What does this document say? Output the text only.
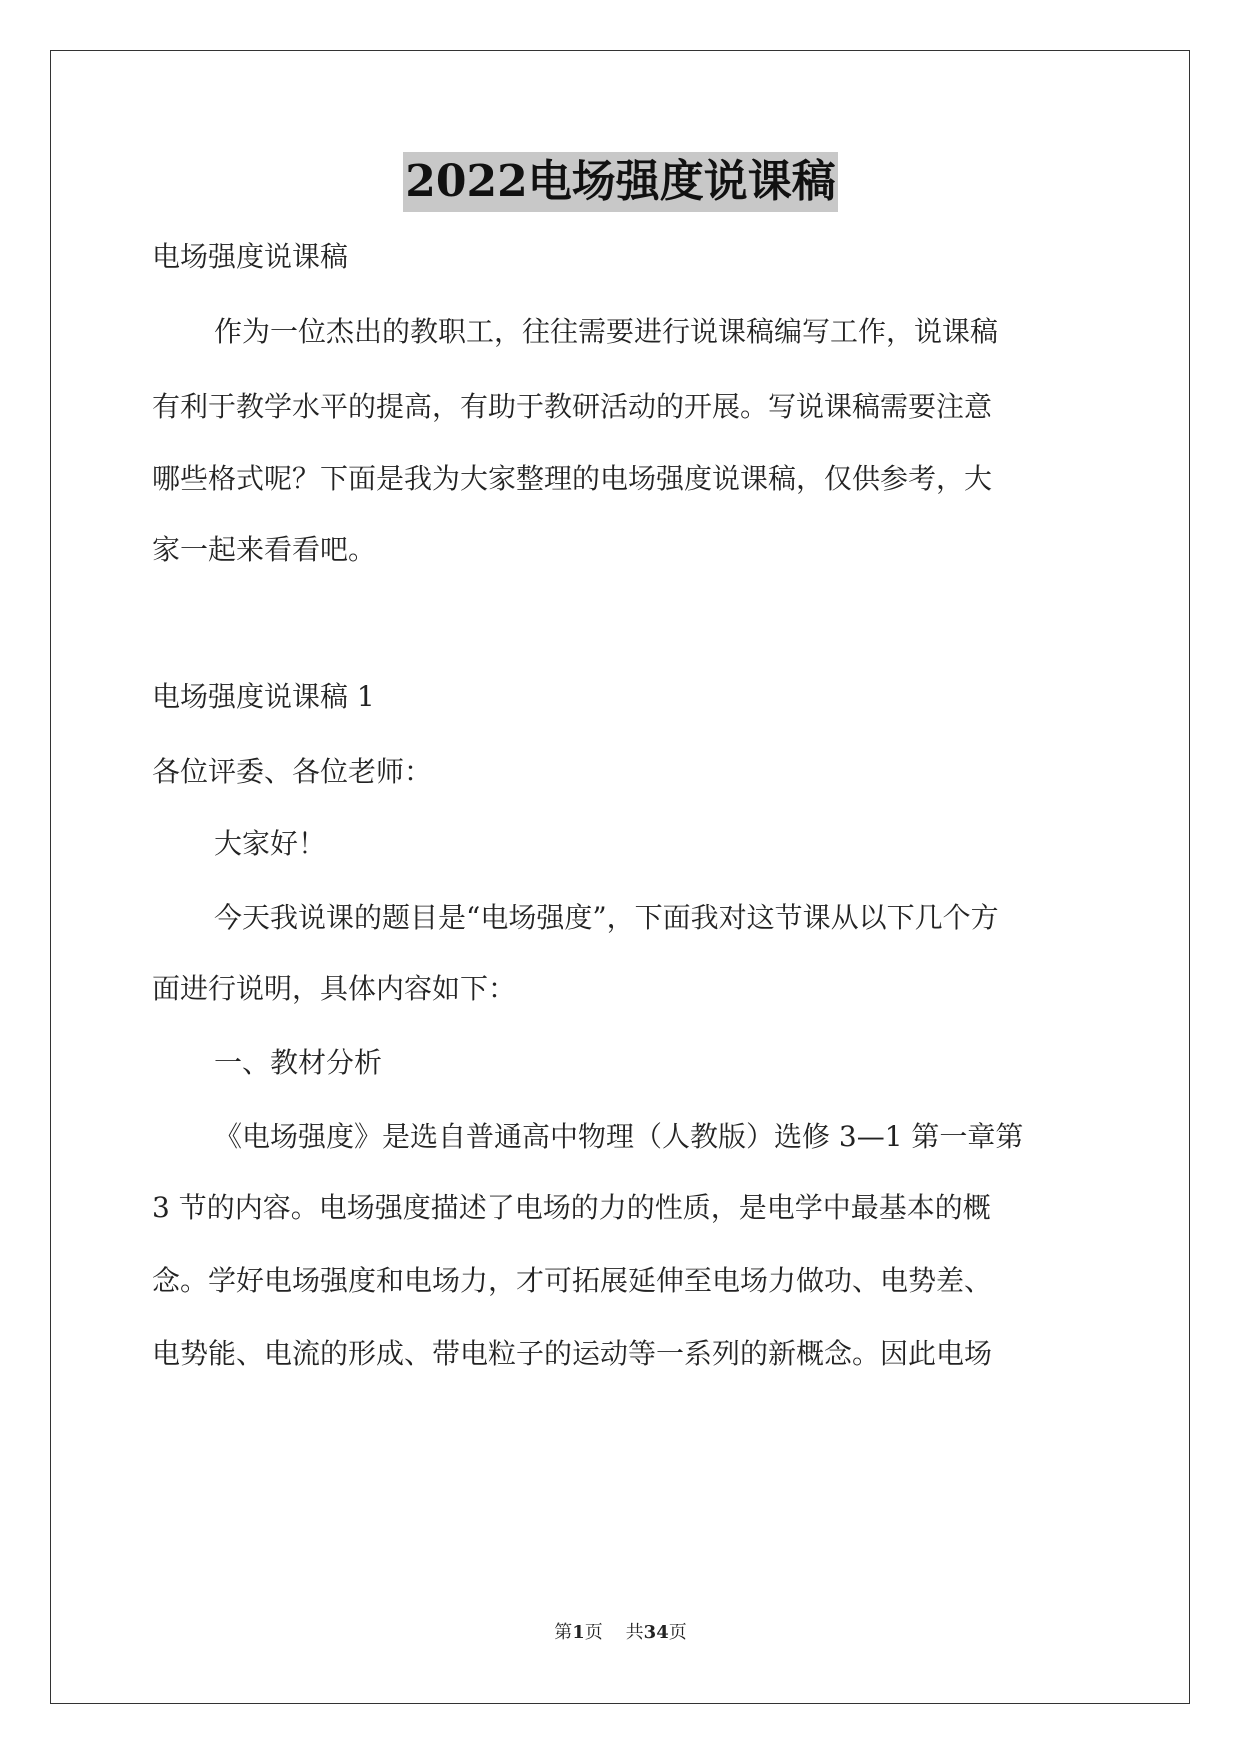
2022电场强度说课稿

电场强度说课稿

作为一位杰出的教职工，往往需要进行说课稿编写工作，说课稿

有利于教学水平的提高，有助于教研活动的开展。写说课稿需要注意

哪些格式呢？下面是我为大家整理的电场强度说课稿，仅供参考，大

家一起来看看吧。

电场强度说课稿 1

各位评委、各位老师：

大家好！

今天我说课的题目是“电场强度”，下面我对这节课从以下几个方

面进行说明，具体内容如下：

一、教材分析

《电场强度》是选自普通高中物理（人教版）选修 3—1 第一章第

3 节的内容。电场强度描述了电场的力的性质，是电学中最基本的概

念。学好电场强度和电场力，才可拓展延伸至电场力做功、电势差、

电势能、电流的形成、带电粒子的运动等一系列的新概念。因此电场

第1页 共34页
